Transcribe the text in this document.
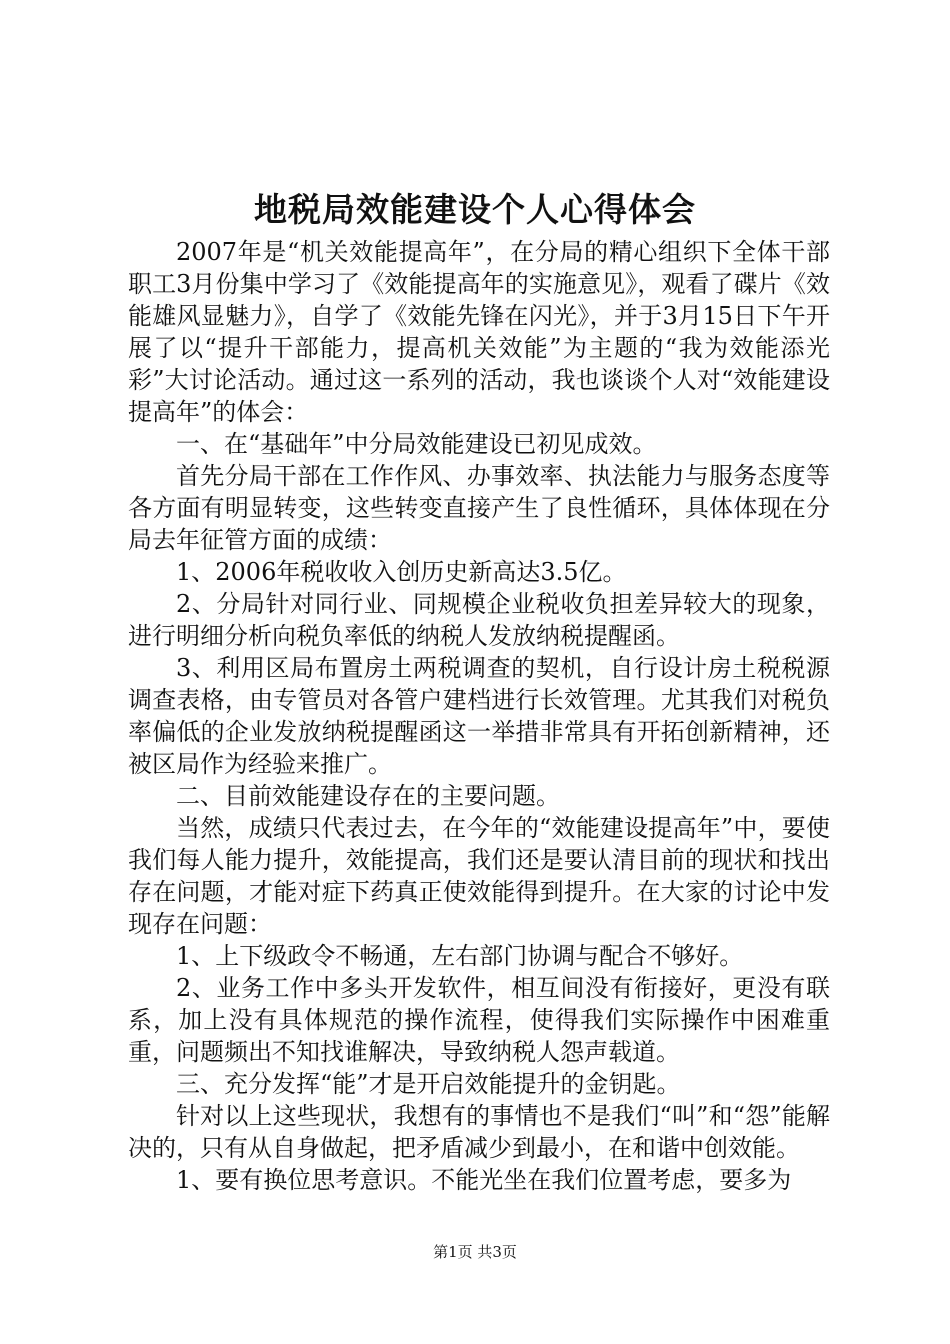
地税局效能建设个人心得体会

2007年是“机关效能提高年”，在分局的精心组织下全体干部职工3月份集中学习了《效能提高年的实施意见》，观看了碟片《效能雄风显魅力》，自学了《效能先锋在闪光》，并于3月15日下午开展了以“提升干部能力，提高机关效能”为主题的“我为效能添光彩”大讨论活动。通过这一系列的活动，我也谈谈个人对“效能建设提高年”的体会：

一、在“基础年”中分局效能建设已初见成效。

首先分局干部在工作作风、办事效率、执法能力与服务态度等各方面有明显转变，这些转变直接产生了良性循环，具体体现在分局去年征管方面的成绩：

1、2006年税收收入创历史新高达3.5亿。

2、分局针对同行业、同规模企业税收负担差异较大的现象，进行明细分析向税负率低的纳税人发放纳税提醒函。

3、利用区局布置房土两税调查的契机，自行设计房土税税源调查表格，由专管员对各管户建档进行长效管理。尤其我们对税负率偏低的企业发放纳税提醒函这一举措非常具有开拓创新精神，还被区局作为经验来推广。

二、目前效能建设存在的主要问题。

当然，成绩只代表过去，在今年的“效能建设提高年”中，要使我们每人能力提升，效能提高，我们还是要认清目前的现状和找出存在问题，才能对症下药真正使效能得到提升。在大家的讨论中发现存在问题：

1、上下级政令不畅通，左右部门协调与配合不够好。

2、业务工作中多头开发软件，相互间没有衔接好，更没有联系，加上没有具体规范的操作流程，使得我们实际操作中困难重重，问题频出不知找谁解决，导致纳税人怨声载道。

三、充分发挥“能”才是开启效能提升的金钥匙。

针对以上这些现状，我想有的事情也不是我们“叫”和“怨”能解决的，只有从自身做起，把矛盾减少到最小，在和谐中创效能。

1、要有换位思考意识。不能光坐在我们位置考虑，要多为

第1页 共3页
